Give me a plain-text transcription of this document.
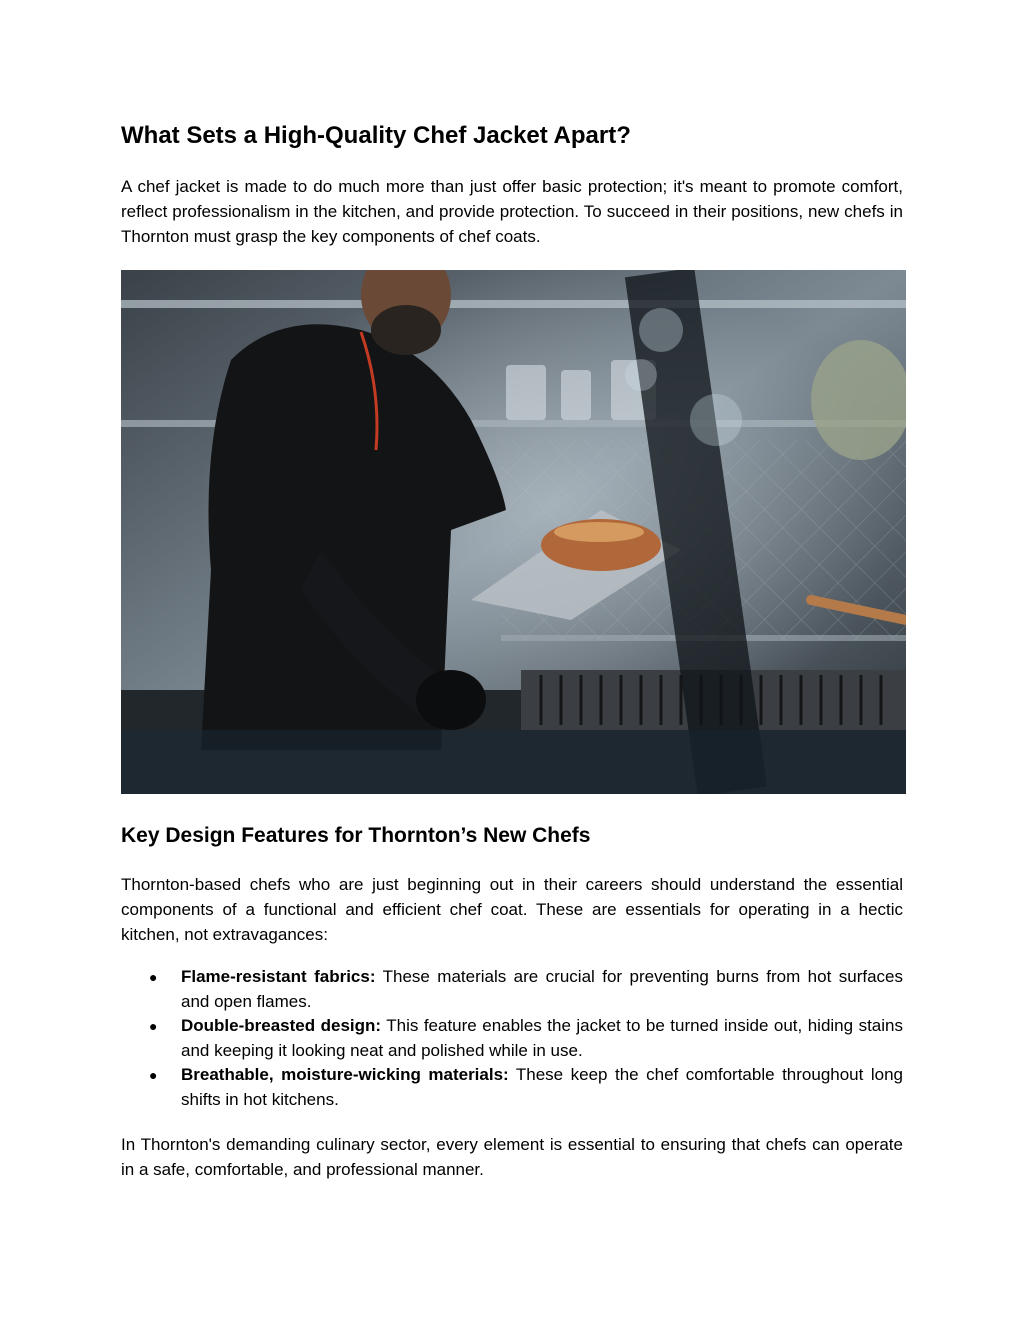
What Sets a High-Quality Chef Jacket Apart?

A chef jacket is made to do much more than just offer basic protection; it's meant to promote comfort, reflect professionalism in the kitchen, and provide protection. To succeed in their positions, new chefs in Thornton must grasp the key components of chef coats.

Key Design Features for Thornton’s New Chefs

Thornton-based chefs who are just beginning out in their careers should understand the essential components of a functional and efficient chef coat. These are essentials for operating in a hectic kitchen, not extravagances:

● Flame-resistant fabrics: These materials are crucial for preventing burns from hot surfaces and open flames.
● Double-breasted design: This feature enables the jacket to be turned inside out, hiding stains and keeping it looking neat and polished while in use.
● Breathable, moisture-wicking materials: These keep the chef comfortable throughout long shifts in hot kitchens.

In Thornton's demanding culinary sector, every element is essential to ensuring that chefs can operate in a safe, comfortable, and professional manner.
